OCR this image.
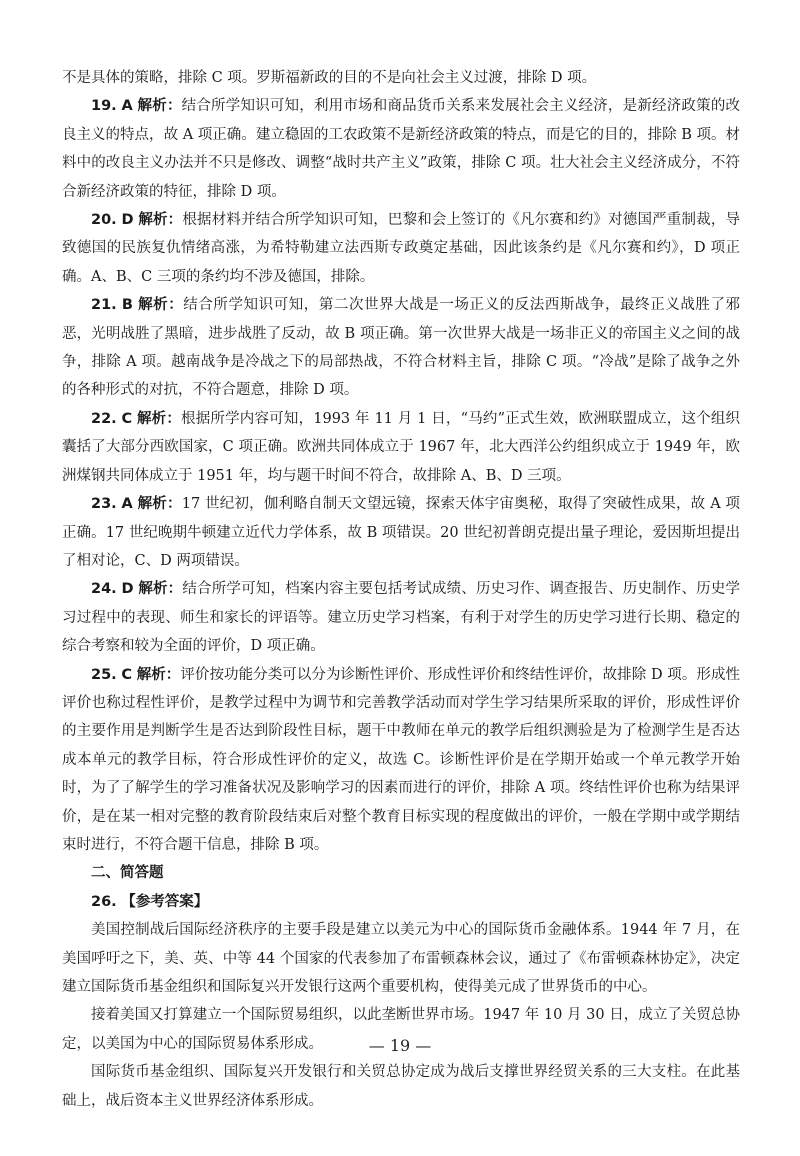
不是具体的策略，排除 C 项。罗斯福新政的目的不是向社会主义过渡，排除 D 项。

19. A 解析：结合所学知识可知，利用市场和商品货币关系来发展社会主义经济，是新经济政策的改良主义的特点，故 A 项正确。建立稳固的工农政策不是新经济政策的特点，而是它的目的，排除 B 项。材料中的改良主义办法并不只是修改、调整“战时共产主义”政策，排除 C 项。壮大社会主义经济成分，不符合新经济政策的特征，排除 D 项。

20. D 解析：根据材料并结合所学知识可知，巴黎和会上签订的《凡尔赛和约》对德国严重制裁，导致德国的民族复仇情绪高涨，为希特勒建立法西斯专政奠定基础，因此该条约是《凡尔赛和约》，D 项正确。A、B、C 三项的条约均不涉及德国，排除。

21. B 解析：结合所学知识可知，第二次世界大战是一场正义的反法西斯战争，最终正义战胜了邪恶，光明战胜了黑暗，进步战胜了反动，故 B 项正确。第一次世界大战是一场非正义的帝国主义之间的战争，排除 A 项。越南战争是冷战之下的局部热战，不符合材料主旨，排除 C 项。“冷战”是除了战争之外的各种形式的对抗，不符合题意，排除 D 项。

22. C 解析：根据所学内容可知，1993 年 11 月 1 日，“马约”正式生效，欧洲联盟成立，这个组织囊括了大部分西欧国家，C 项正确。欧洲共同体成立于 1967 年，北大西洋公约组织成立于 1949 年，欧洲煤钢共同体成立于 1951 年，均与题干时间不符合，故排除 A、B、D 三项。

23. A 解析：17 世纪初，伽利略自制天文望远镜，探索天体宇宙奥秘，取得了突破性成果，故 A 项正确。17 世纪晚期牛顿建立近代力学体系，故 B 项错误。20 世纪初普朗克提出量子理论，爱因斯坦提出了相对论，C、D 两项错误。

24. D 解析：结合所学可知，档案内容主要包括考试成绩、历史习作、调查报告、历史制作、历史学习过程中的表现、师生和家长的评语等。建立历史学习档案，有利于对学生的历史学习进行长期、稳定的综合考察和较为全面的评价，D 项正确。

25. C 解析：评价按功能分类可以分为诊断性评价、形成性评价和终结性评价，故排除 D 项。形成性评价也称过程性评价，是教学过程中为调节和完善教学活动而对学生学习结果所采取的评价，形成性评价的主要作用是判断学生是否达到阶段性目标，题干中教师在单元的教学后组织测验是为了检测学生是否达成本单元的教学目标，符合形成性评价的定义，故选 C。诊断性评价是在学期开始或一个单元教学开始时，为了了解学生的学习准备状况及影响学习的因素而进行的评价，排除 A 项。终结性评价也称为结果评价，是在某一相对完整的教育阶段结束后对整个教育目标实现的程度做出的评价，一般在学期中或学期结束时进行，不符合题干信息，排除 B 项。

二、简答题

26. 【参考答案】

美国控制战后国际经济秩序的主要手段是建立以美元为中心的国际货币金融体系。1944 年 7 月，在美国呼吁之下，美、英、中等 44 个国家的代表参加了布雷顿森林会议，通过了《布雷顿森林协定》，决定建立国际货币基金组织和国际复兴开发银行这两个重要机构，使得美元成了世界货币的中心。

接着美国又打算建立一个国际贸易组织，以此垄断世界市场。1947 年 10 月 30 日，成立了关贸总协定，以美国为中心的国际贸易体系形成。

国际货币基金组织、国际复兴开发银行和关贸总协定成为战后支撑世界经贸关系的三大支柱。在此基础上，战后资本主义世界经济体系形成。

— 19 —
